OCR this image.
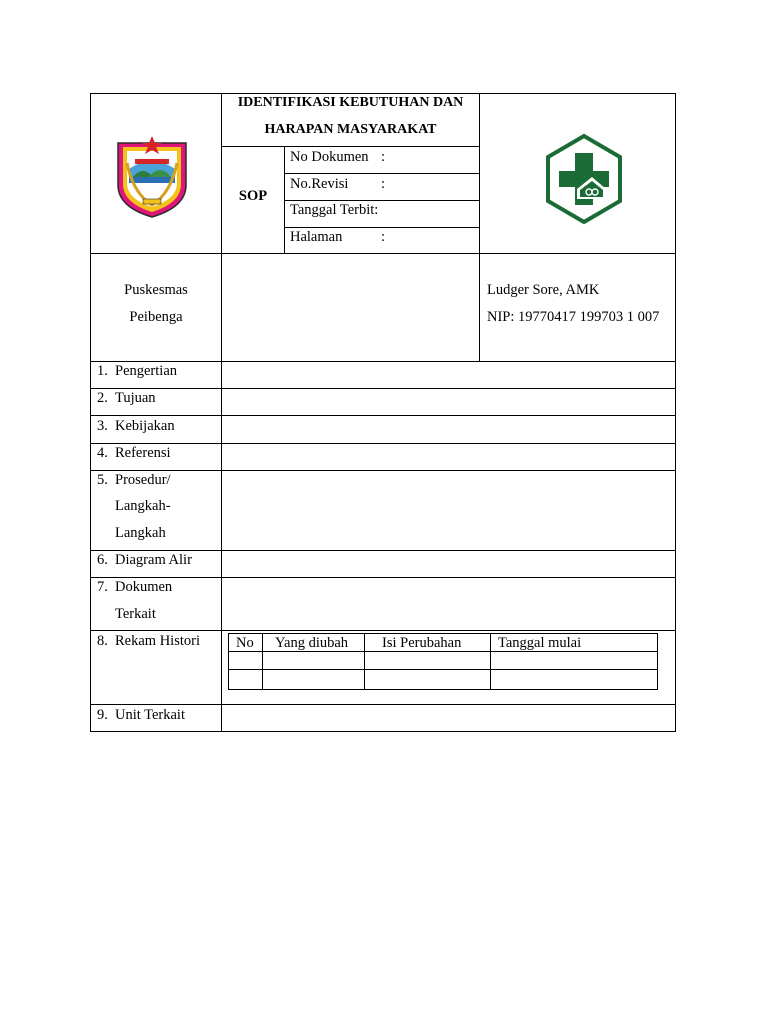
IDENTIFIKASI KEBUTUHAN DAN
HARAPAN MASYARAKAT
SOP
No Dokumen :
No.Revisi :
Tanggal Terbit:
Halaman	:
Puskesmas
Peibenga
Ludger Sore, AMK
NIP: 19770417 199703 1 007
1. Pengertian
2. Tujuan
3. Kebijakan
4. Referensi
5. Prosedur/
Langkah-
Langkah
6. Diagram Alir
7. Dokumen
Terkait
8. Rekam Histori
9. Unit Terkait
No Yang diubah Isi Perubahan	Tanggal mulai
